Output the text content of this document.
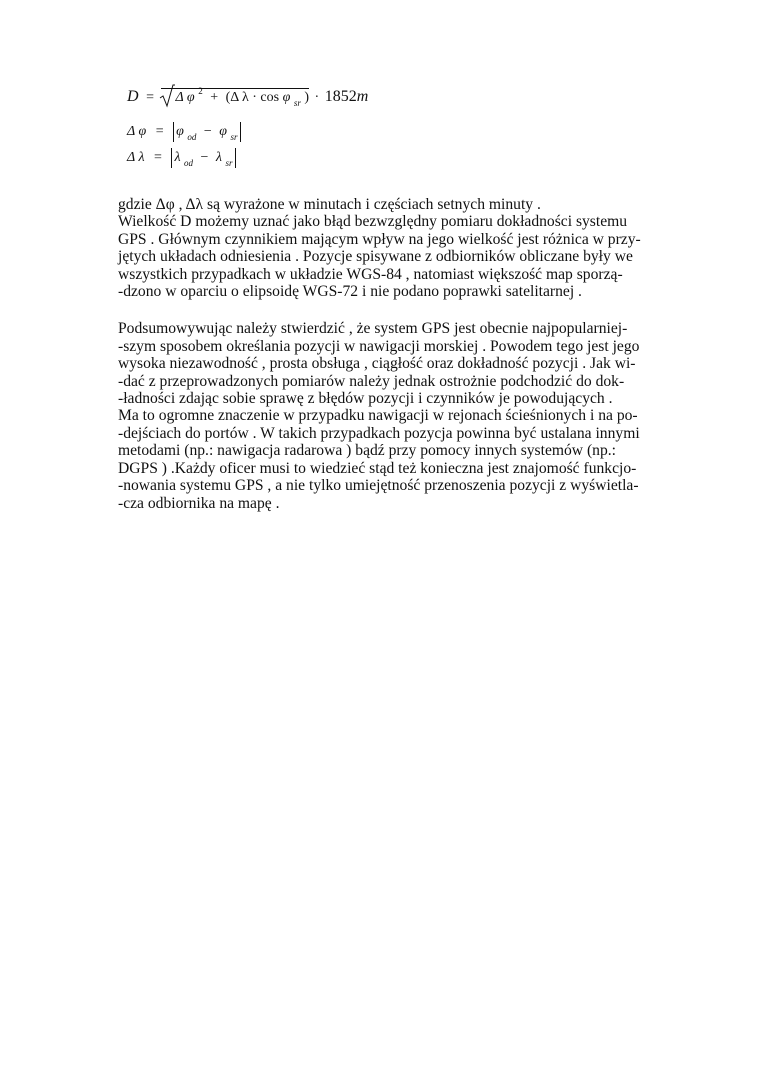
D = Δ φ 2 + (Δ λ · cos φ sr ) · 1852m
Δ φ = φ od − φ sr
Δ λ = λ od − λ sr

gdzie Δφ , Δλ są wyrażone w minutach i częściach setnych minuty .
Wielkość D możemy uznać jako błąd bezwzględny pomiaru dokładności systemu
GPS . Głównym czynnikiem mającym wpływ na jego wielkość jest różnica w przy-
jętych układach odniesienia . Pozycje spisywane z odbiorników obliczane były we
wszystkich przypadkach w układzie WGS-84 , natomiast większość map sporzą-
-dzono w oparciu o elipsoidę WGS-72 i nie podano poprawki satelitarnej .

Podsumowywując należy stwierdzić , że system GPS jest obecnie najpopularniej-
-szym sposobem określania pozycji w nawigacji morskiej . Powodem tego jest jego
wysoka niezawodność , prosta obsługa , ciągłość oraz dokładność pozycji . Jak wi-
-dać z przeprowadzonych pomiarów należy jednak ostrożnie podchodzić do dok-
-ładności zdając sobie sprawę z błędów pozycji i czynników je powodujących .
Ma to ogromne znaczenie w przypadku nawigacji w rejonach ścieśnionych i na po-
-dejściach do portów . W takich przypadkach pozycja powinna być ustalana innymi
metodami (np.: nawigacja radarowa ) bądź przy pomocy innych systemów (np.:
DGPS ) .Każdy oficer musi to wiedzieć stąd też konieczna jest znajomość funkcjo-
-nowania systemu GPS , a nie tylko umiejętność przenoszenia pozycji z wyświetla-
-cza odbiornika na mapę .
